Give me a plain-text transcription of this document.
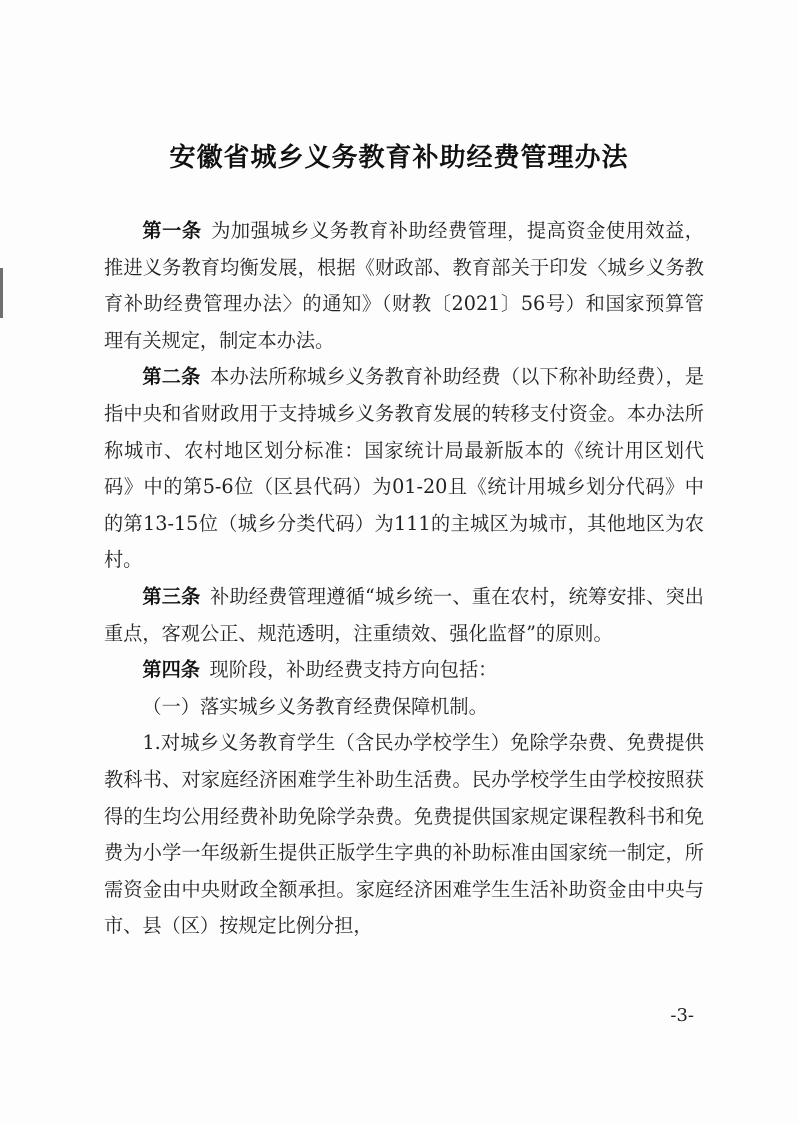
安徽省城乡义务教育补助经费管理办法

第一条 为加强城乡义务教育补助经费管理，提高资金使用效益，推进义务教育均衡发展，根据《财政部、教育部关于印发〈城乡义务教育补助经费管理办法〉的通知》（财教〔2021〕56号）和国家预算管理有关规定，制定本办法。

第二条 本办法所称城乡义务教育补助经费（以下称补助经费），是指中央和省财政用于支持城乡义务教育发展的转移支付资金。本办法所称城市、农村地区划分标准：国家统计局最新版本的《统计用区划代码》中的第5-6位（区县代码）为01-20且《统计用城乡划分代码》中的第13-15位（城乡分类代码）为111的主城区为城市，其他地区为农村。

第三条 补助经费管理遵循“城乡统一、重在农村，统筹安排、突出重点，客观公正、规范透明，注重绩效、强化监督”的原则。

第四条 现阶段，补助经费支持方向包括：

（一）落实城乡义务教育经费保障机制。

1.对城乡义务教育学生（含民办学校学生）免除学杂费、免费提供教科书、对家庭经济困难学生补助生活费。民办学校学生由学校按照获得的生均公用经费补助免除学杂费。免费提供国家规定课程教科书和免费为小学一年级新生提供正版学生字典的补助标准由国家统一制定，所需资金由中央财政全额承担。家庭经济困难学生生活补助资金由中央与市、县（区）按规定比例分担，

-3-
